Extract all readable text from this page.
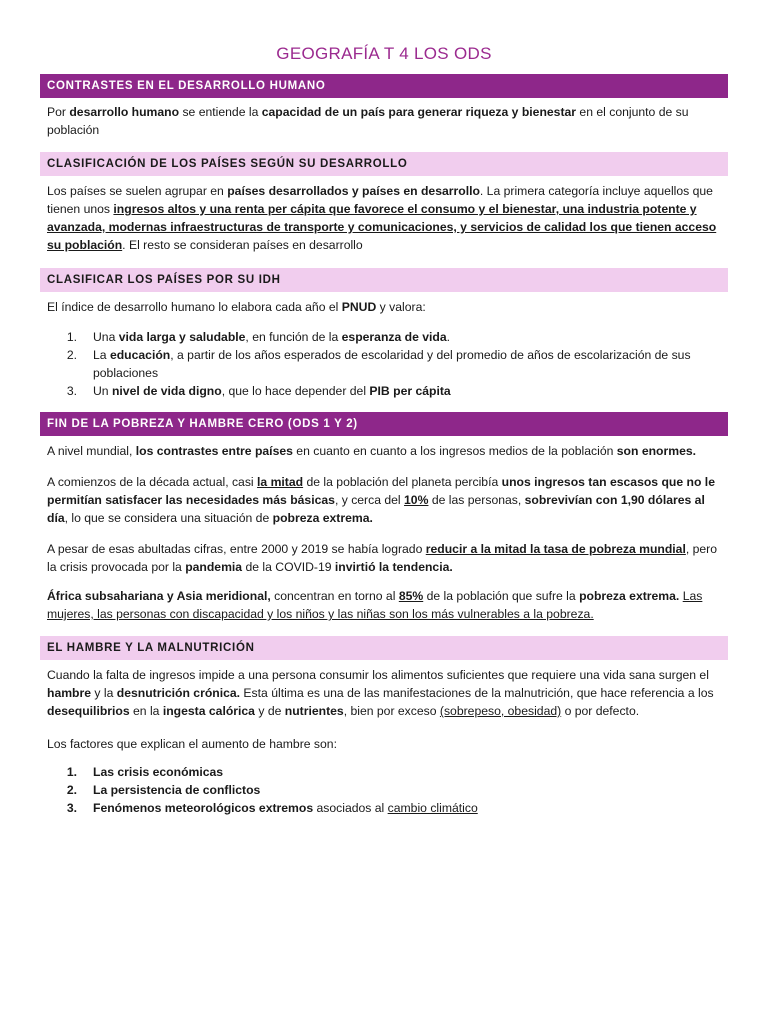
GEOGRAFÍA T 4 LOS ODS
CONTRASTES EN EL DESARROLLO HUMANO

Por desarrollo humano se entiende la capacidad de un país para generar riqueza y bienestar en el conjunto de su población

CLASIFICACIÓN DE LOS PAÍSES SEGÚN SU DESARROLLO

Los países se suelen agrupar en países desarrollados y países en desarrollo. La primera categoría incluye aquellos que tienen unos ingresos altos y una renta per cápita que favorece el consumo y el bienestar, una industria potente y avanzada, modernas infraestructuras de transporte y comunicaciones, y servicios de calidad los que tienen acceso su población. El resto se consideran países en desarrollo

CLASIFICAR LOS PAÍSES POR SU IDH

El índice de desarrollo humano lo elabora cada año el PNUD y valora:

1. Una vida larga y saludable, en función de la esperanza de vida.
2. La educación, a partir de los años esperados de escolaridad y del promedio de años de escolarización de sus poblaciones
3. Un nivel de vida digno, que lo hace depender del PIB per cápita
FIN DE LA POBREZA Y HAMBRE CERO (ODS 1 Y 2)

A nivel mundial, los contrastes entre países en cuanto en cuanto a los ingresos medios de la población son enormes.

A comienzos de la década actual, casi la mitad de la población del planeta percibía unos ingresos tan escasos que no le permitían satisfacer las necesidades más básicas, y cerca del 10% de las personas, sobrevivían con 1,90 dólares al día, lo que se considera una situación de pobreza extrema.

A pesar de esas abultadas cifras, entre 2000 y 2019 se había logrado reducir a la mitad la tasa de pobreza mundial, pero la crisis provocada por la pandemia de la COVID-19 invirtió la tendencia.

África subsahariana y Asia meridional, concentran en torno al 85% de la población que sufre la pobreza extrema. Las mujeres, las personas con discapacidad y los niños y las niñas son los más vulnerables a la pobreza.

EL HAMBRE Y LA MALNUTRICIÓN

Cuando la falta de ingresos impide a una persona consumir los alimentos suficientes que requiere una vida sana surgen el hambre y la desnutrición crónica. Esta última es una de las manifestaciones de la malnutrición, que hace referencia a los desequilibrios en la ingesta calórica y de nutrientes, bien por exceso (sobrepeso, obesidad) o por defecto.

Los factores que explican el aumento de hambre son:

1. Las crisis económicas
2. La persistencia de conflictos
3. Fenómenos meteorológicos extremos asociados al cambio climático
